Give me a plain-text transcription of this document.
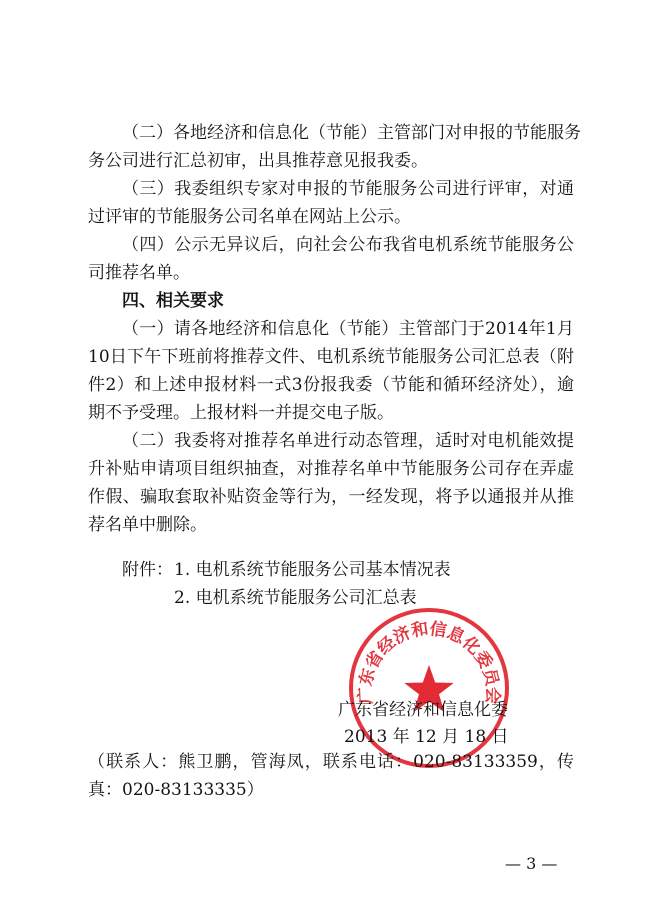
（二）各地经济和信息化（节能）主管部门对申报的节能服务
务公司进行汇总初审，出具推荐意见报我委。
（三）我委组织专家对申报的节能服务公司进行评审，对通
过评审的节能服务公司名单在网站上公示。
（四）公示无异议后，向社会公布我省电机系统节能服务公
司推荐名单。
四、相关要求
（一）请各地经济和信息化（节能）主管部门于2014年1月
10日下午下班前将推荐文件、电机系统节能服务公司汇总表（附
件2）和上述申报材料一式3份报我委（节能和循环经济处），逾
期不予受理。上报材料一并提交电子版。
（二）我委将对推荐名单进行动态管理，适时对电机能效提
升补贴申请项目组织抽查，对推荐名单中节能服务公司存在弄虚
作假、骗取套取补贴资金等行为，一经发现，将予以通报并从推
荐名单中删除。
附件： 1. 电机系统节能服务公司基本情况表
2. 电机系统节能服务公司汇总表
广东省经济和信息化委员会
广东省经济和信息化委
2013 年 12 月 18 日
（联系人：熊卫鹏，管海凤，联系电话：020-83133359，传
真：020-83133335）
— 3 —
